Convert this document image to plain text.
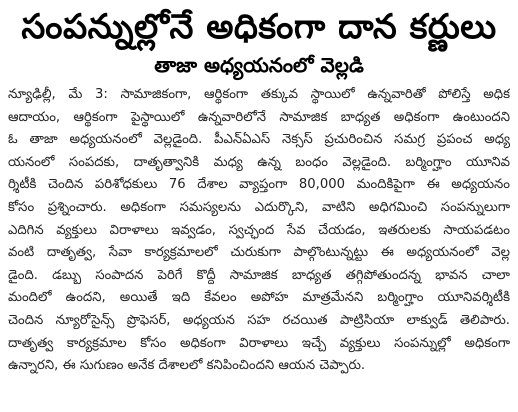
సంపన్నుల్లోనే అధికంగా దాన కర్ణులు
తాజా అధ్యయనంలో వెల్లడి
న్యూఢిల్లీ, మే 3: సామాజికంగా, ఆర్థికంగా తక్కువ స్థాయిలో ఉన్నవారితో పోలిస్తే అధిక
ఆదాయం, ఆర్థికంగా పైస్థాయిలో ఉన్నవారిలోనే సామాజిక బాధ్యత అధికంగా ఉంటుందని
ఓ తాజా అధ్యయనంలో వెల్లడైంది. పీఎన్ఏఎస్ నెక్సస్ ప్రచురించిన సమగ్ర ప్రపంచ అధ్య
యనంలో సంపదకు, దాతృత్వానికి మధ్య ఉన్న బంధం వెల్లడైంది. బర్మింగ్హాం యూనివ
ర్శిటీకి చెందిన పరిశోధకులు 76 దేశాల వ్యాప్తంగా 80,000 మందికిపైగా ఈ అధ్యయనం
కోసం ప్రశ్నించారు. అధికంగా సమస్యలను ఎదుర్కొని, వాటిని అధిగమించి సంపన్నులుగా
ఎదిగిన వ్యక్తులు విరాళాలు ఇవ్వడం, స్వచ్ఛంద సేవ చేయడం, ఇతరులకు సాయపడటం
వంటి దాతృత్వ, సేవా కార్యక్రమాలలో చురుకుగా పాల్గొంటున్నట్టు ఈ అధ్యయనంలో వెల్ల
డైంది. డబ్బు సంపాదన పెరిగే కొద్దీ సామాజిక బాధ్యత తగ్గిపోతుందన్న భావన చాలా
మందిలో ఉందని, అయితే ఇది కేవలం అపోహ మాత్రమేనని బర్మింగ్హాం యూనివర్శిటీకి
చెందిన న్యూరోసైన్స్ ప్రొఫెసర్, అధ్యయన సహ రచయిత పాట్రిసియా లాక్వుడ్ తెలిపారు.
దాతృత్వ కార్యక్రమాల కోసం అధికంగా విరాళాలు ఇచ్చే వ్యక్తులు సంపన్నుల్లో అధికంగా
ఉన్నారని, ఈ సుగుణం అనేక దేశాలలో కనిపించిందని ఆయన చెప్పారు.
